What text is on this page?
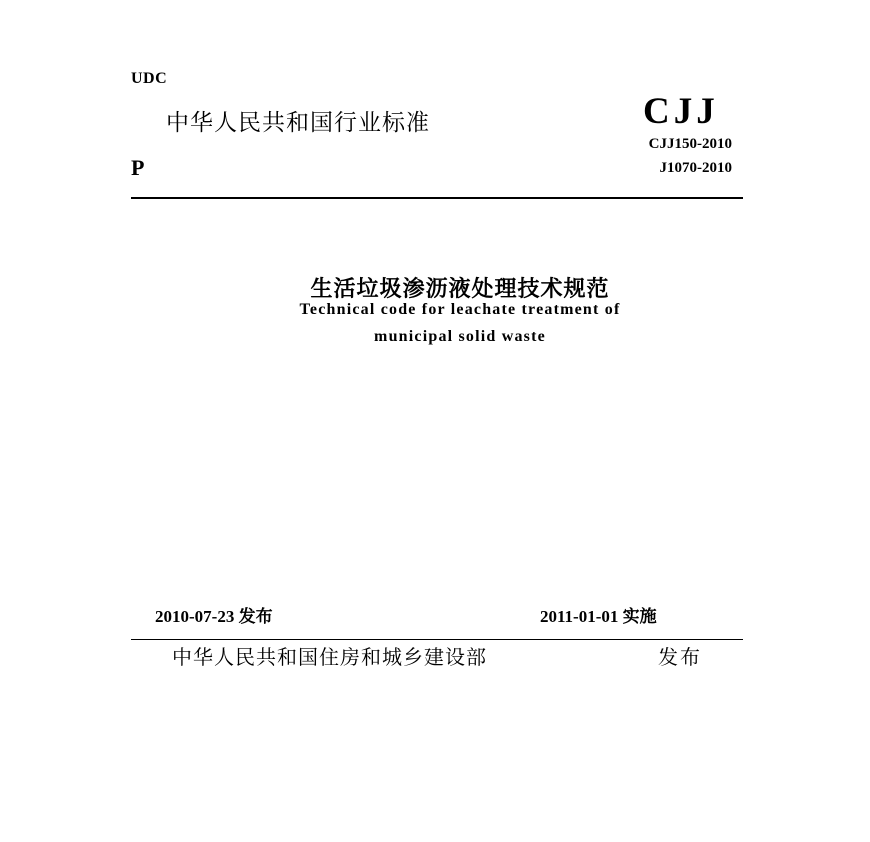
UDC
中华人民共和国行业标准	CJJ
CJJ150-2010
J1070-2010
P
生活垃圾渗沥液处理技术规范
Technical code for leachate treatment of
municipal solid waste
2010-07-23 发布	2011-01-01 实施
中华人民共和国住房和城乡建设部	发布
